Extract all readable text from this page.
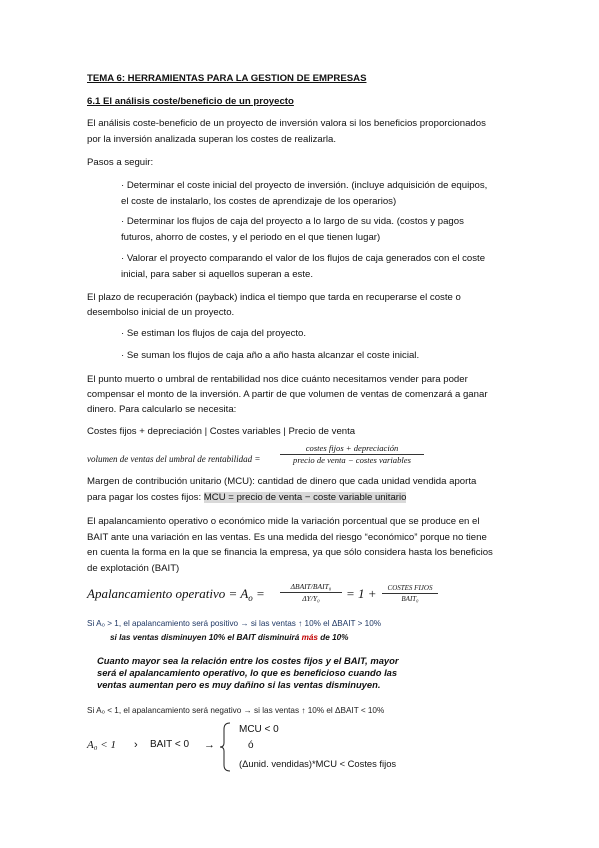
TEMA 6: HERRAMIENTAS PARA LA GESTION DE EMPRESAS
6.1 El análisis coste/beneficio de un proyecto
El análisis coste-beneficio de un proyecto de inversión valora si los beneficios proporcionados
por la inversión analizada superan los costes de realizarla.
Pasos a seguir:
· Determinar el coste inicial del proyecto de inversión. (incluye adquisición de equipos,
el coste de instalarlo, los costes de aprendizaje de los operarios)
· Determinar los flujos de caja del proyecto a lo largo de su vida. (costos y pagos
futuros, ahorro de costes, y el periodo en el que tienen lugar)
· Valorar el proyecto comparando el valor de los flujos de caja generados con el coste
inicial, para saber si aquellos superan a este.
El plazo de recuperación (payback) indica el tiempo que tarda en recuperarse el coste o
desembolso inicial de un proyecto.
· Se estiman los flujos de caja del proyecto.
· Se suman los flujos de caja año a año hasta alcanzar el coste inicial.
El punto muerto o umbral de rentabilidad nos dice cuánto necesitamos vender para poder
compensar el monto de la inversión. A partir de que volumen de ventas de comenzará a ganar
dinero. Para calcularlo se necesita:
Costes fijos + depreciación | Costes variables | Precio de venta
volumen de ventas del umbral de rentabilidad =
costes fijos + depreciación
precio de venta − costes variables
Margen de contribución unitario (MCU): cantidad de dinero que cada unidad vendida aporta
para pagar los costes fijos: MCU = precio de venta − coste variable unitario
El apalancamiento operativo o económico mide la variación porcentual que se produce en el
BAIT ante una variación en las ventas. Es una medida del riesgo “económico” porque no tiene
en cuenta la forma en la que se financia la empresa, ya que sólo considera hasta los beneficios
de explotación (BAIT)
Apalancamiento operativo = $A_o$ =	ΔBAIT/BAIT₀
ΔY/Y₀	= 1 +	COSTES FIJOS
BAIT₀
Si A₀ > 1, el apalancamiento será positivo → si las ventas ↑ 10% el ΔBAIT > 10%
si las ventas disminuyen 10% el BAIT disminuirá más de 10%
Cuanto mayor sea la relación entre los costes fijos y el BAIT, mayor
será el apalancamiento operativo, lo que es beneficioso cuando las
ventas aumentan pero es muy dañino si las ventas disminuyen.
Si A₀ < 1, el apalancamiento será negativo → si las ventas ↑ 10% el ΔBAIT < 10%
A₀ < 1 › BAIT < 0 →
MCU < 0
ó
(Δunid. vendidas)*MCU < Costes fijos
